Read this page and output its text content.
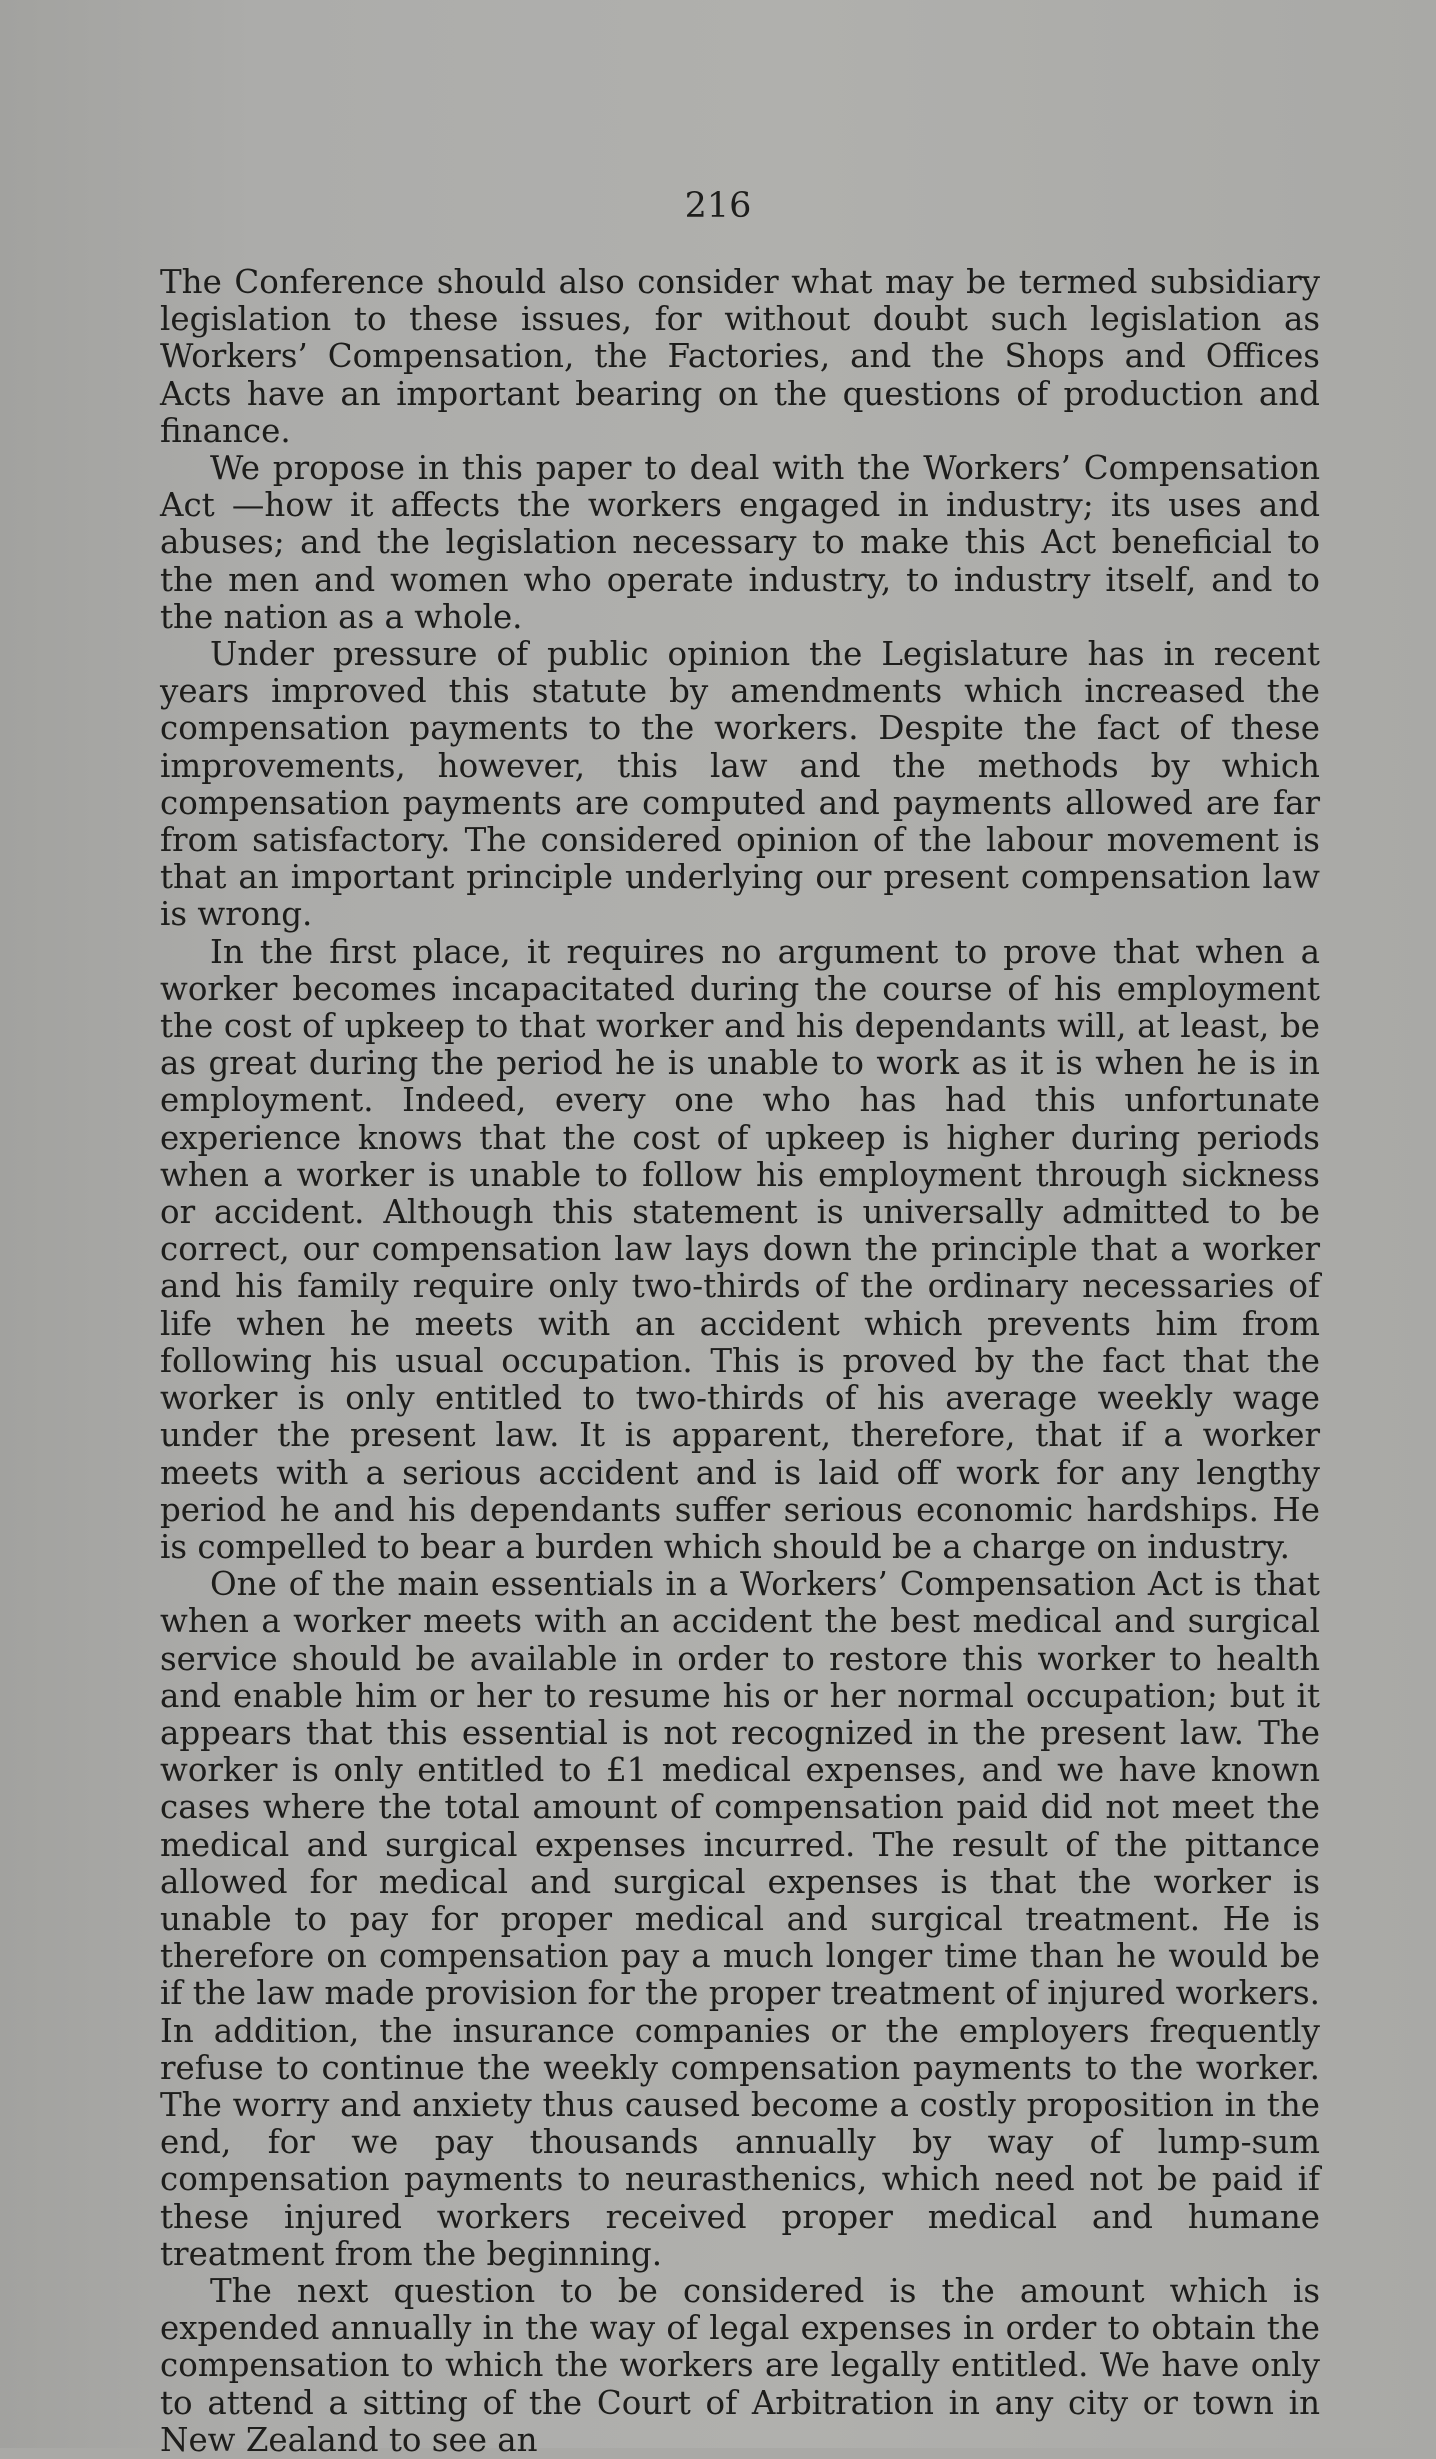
216

The Conference should also consider what may be termed subsidiary legislation to these issues, for without doubt such legislation as Workers’ Compensation, the Factories, and the Shops and Offices Acts have an important bearing on the questions of production and finance.

We propose in this paper to deal with the Workers’ Compensation Act —how it affects the workers engaged in industry; its uses and abuses; and the legislation necessary to make this Act beneficial to the men and women who operate industry, to industry itself, and to the nation as a whole.

Under pressure of public opinion the Legislature has in recent years improved this statute by amendments which increased the compensation payments to the workers. Despite the fact of these improvements, however, this law and the methods by which compensation payments are computed and payments allowed are far from satisfactory. The considered opinion of the labour movement is that an important principle underlying our present compensation law is wrong.

In the first place, it requires no argument to prove that when a worker becomes incapacitated during the course of his employment the cost of upkeep to that worker and his dependants will, at least, be as great during the period he is unable to work as it is when he is in employment. Indeed, every one who has had this unfortunate experience knows that the cost of upkeep is higher during periods when a worker is unable to follow his employment through sickness or accident. Although this statement is universally admitted to be correct, our compensation law lays down the principle that a worker and his family require only two-thirds of the ordinary necessaries of life when he meets with an accident which prevents him from following his usual occupation. This is proved by the fact that the worker is only entitled to two-thirds of his average weekly wage under the present law. It is apparent, therefore, that if a worker meets with a serious accident and is laid off work for any lengthy period he and his dependants suffer serious economic hardships. He is compelled to bear a burden which should be a charge on industry.

One of the main essentials in a Workers’ Compensation Act is that when a worker meets with an accident the best medical and surgical service should be available in order to restore this worker to health and enable him or her to resume his or her normal occupation; but it appears that this essential is not recognized in the present law. The worker is only entitled to £1 medical expenses, and we have known cases where the total amount of compensation paid did not meet the medical and surgical expenses incurred. The result of the pittance allowed for medical and surgical expenses is that the worker is unable to pay for proper medical and surgical treatment. He is therefore on compensation pay a much longer time than he would be if the law made provision for the proper treatment of injured workers. In addition, the insurance companies or the employers frequently refuse to continue the weekly compensation payments to the worker. The worry and anxiety thus caused become a costly proposition in the end, for we pay thousands annually by way of lump-sum compensation payments to neurasthenics, which need not be paid if these injured workers received proper medical and humane treatment from the beginning.

The next question to be considered is the amount which is expended annually in the way of legal expenses in order to obtain the compensation to which the workers are legally entitled. We have only to attend a sitting of the Court of Arbitration in any city or town in New Zealand to see an
